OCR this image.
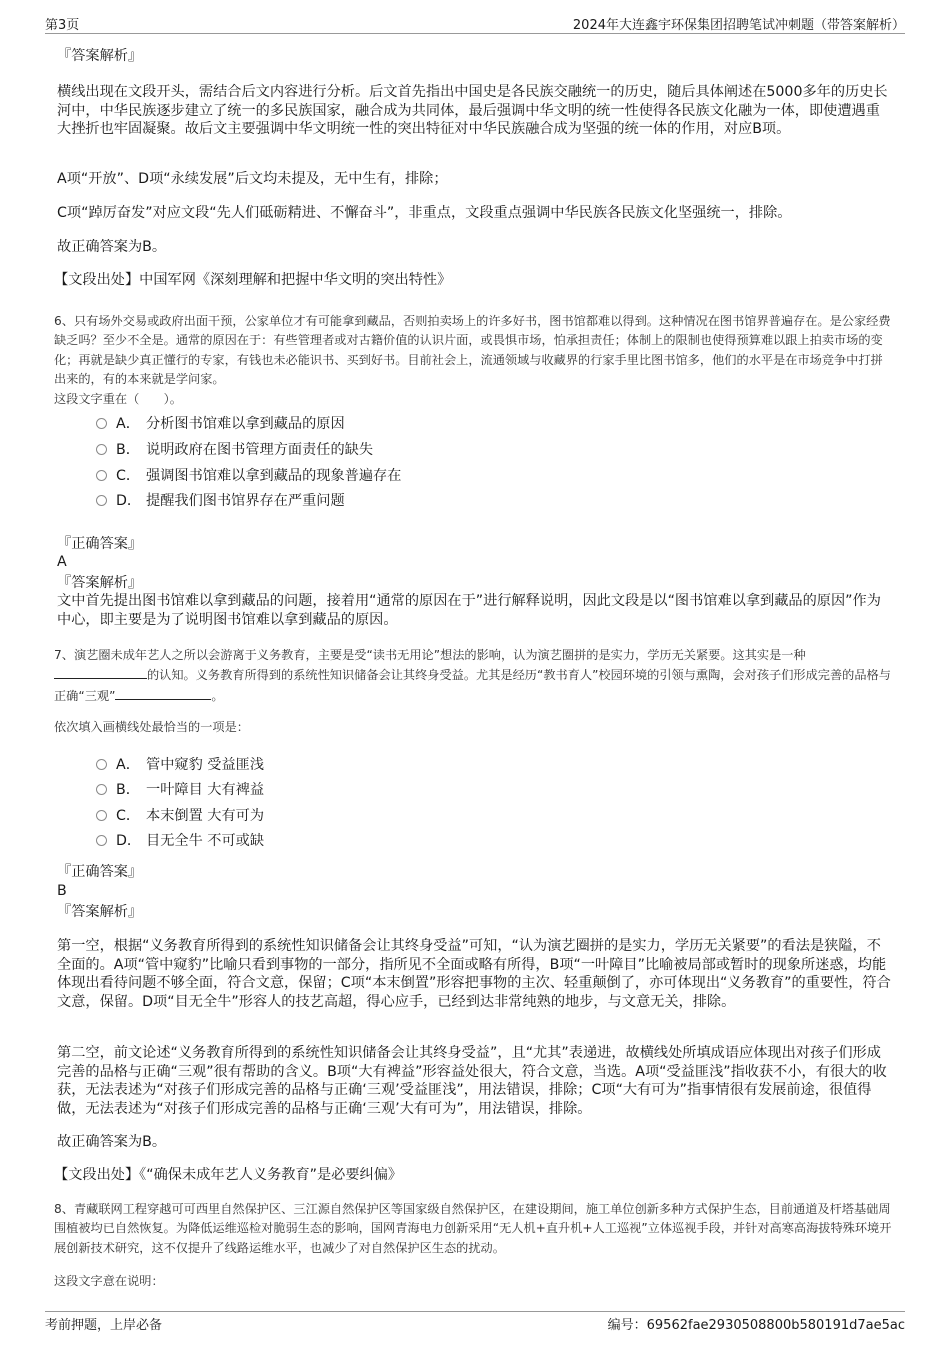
第3页	2024年大连鑫宇环保集团招聘笔试冲刺题（带答案解析）
『答案解析』
横线出现在文段开头，需结合后文内容进行分析。后文首先指出中国史是各民族交融统一的历史，随后具体阐述在5000多年的历史长河中，中华民族逐步建立了统一的多民族国家，融合成为共同体，最后强调中华文明的统一性使得各民族文化融为一体，即使遭遇重大挫折也牢固凝聚。故后文主要强调中华文明统一性的突出特征对中华民族融合成为坚强的统一体的作用，对应B项。
A项“开放”、D项“永续发展”后文均未提及，无中生有，排除；
C项“踔厉奋发”对应文段“先人们砥砺精进、不懈奋斗”，非重点，文段重点强调中华民族各民族文化坚强统一，排除。
故正确答案为B。
【文段出处】中国军网《深刻理解和把握中华文明的突出特性》
6、只有场外交易或政府出面干预，公家单位才有可能拿到藏品，否则拍卖场上的许多好书，图书馆都难以得到。这种情况在图书馆界普遍存在。是公家经费缺乏吗？至少不全是。通常的原因在于：有些管理者或对古籍价值的认识片面，或畏惧市场，怕承担责任；体制上的限制也使得预算难以跟上拍卖市场的变化；再就是缺少真正懂行的专家，有钱也未必能识书、买到好书。目前社会上，流通领域与收藏界的行家手里比图书馆多，他们的水平是在市场竞争中打拼出来的，有的本来就是学问家。
这段文字重在（　　）。
A． 分析图书馆难以拿到藏品的原因
B． 说明政府在图书管理方面责任的缺失
C． 强调图书馆难以拿到藏品的现象普遍存在
D． 提醒我们图书馆界存在严重问题
『正确答案』
A
『答案解析』
文中首先提出图书馆难以拿到藏品的问题，接着用“通常的原因在于”进行解释说明，因此文段是以“图书馆难以拿到藏品的原因”作为中心，即主要是为了说明图书馆难以拿到藏品的原因。
7、演艺圈未成年艺人之所以会游离于义务教育，主要是受“读书无用论”想法的影响，认为演艺圈拼的是实力，学历无关紧要。这其实是一种的认知。义务教育所得到的系统性知识储备会让其终身受益。尤其是经历“教书育人”校园环境的引领与熏陶，会对孩子们形成完善的品格与正确“三观”	。
依次填入画横线处最恰当的一项是：
A． 管中窥豹 受益匪浅
B． 一叶障目 大有裨益
C． 本末倒置 大有可为
D． 目无全牛 不可或缺
『正确答案』
B
『答案解析』
第一空，根据“义务教育所得到的系统性知识储备会让其终身受益”可知，“认为演艺圈拼的是实力，学历无关紧要”的看法是狭隘，不全面的。A项“管中窥豹”比喻只看到事物的一部分，指所见不全面或略有所得，B项“一叶障目”比喻被局部或暂时的现象所迷惑，均能体现出看待问题不够全面，符合文意，保留；C项“本末倒置”形容把事物的主次、轻重颠倒了，亦可体现出“义务教育”的重要性，符合文意，保留。D项“目无全牛”形容人的技艺高超，得心应手，已经到达非常纯熟的地步，与文意无关，排除。
第二空，前文论述“义务教育所得到的系统性知识储备会让其终身受益”，且“尤其”表递进，故横线处所填成语应体现出对孩子们形成完善的品格与正确“三观”很有帮助的含义。B项“大有裨益”形容益处很大，符合文意，当选。A项“受益匪浅”指收获不小，有很大的收获，无法表述为“对孩子们形成完善的品格与正确‘三观’受益匪浅”，用法错误，排除；C项“大有可为”指事情很有发展前途，很值得做，无法表述为“对孩子们形成完善的品格与正确‘三观’大有可为”，用法错误，排除。
故正确答案为B。
【文段出处】《“确保未成年艺人义务教育”是必要纠偏》
8、青藏联网工程穿越可可西里自然保护区、三江源自然保护区等国家级自然保护区，在建设期间，施工单位创新多种方式保护生态，目前通道及杆塔基础周围植被均已自然恢复。为降低运维巡检对脆弱生态的影响，国网青海电力创新采用“无人机+直升机+人工巡视”立体巡视手段，并针对高寒高海拔特殊环境开展创新技术研究，这不仅提升了线路运维水平，也减少了对自然保护区生态的扰动。
这段文字意在说明：
考前押题，上岸必备	编号：69562fae2930508800b580191d7ae5ac
